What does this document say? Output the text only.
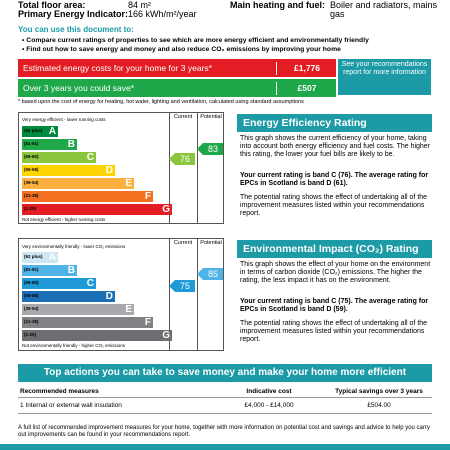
Total floor area:	84 m²
Primary Energy Indicator: 166 kWh/m²/year
Main heating and fuel: Boiler and radiators, mains
gas
You can use this document to:
• Compare current ratings of properties to see which are more energy efficient and environmentally friendly
• Find out how to save energy and money and also reduce CO₂ emissions by improving your home
Estimated energy costs for your home for 3 years*	£1,776
Over 3 years you could save*	£507
See your recommendations report for more information
* based upon the cost of energy for heating, hot water, lighting and ventilation, calculated using standard assumptions
Current	Potential
Very energy efficient - lower running costs
(92 plus) A
(81-91)	B
(69-80)	C
(55-68)	D
(39-54)	E
(21-38)	F
(1-20)	G
Not energy efficient - higher running costs
76
83
Energy Efficiency Rating
This graph shows the current efficiency of your home, taking into account both energy efficiency and fuel costs. The higher this rating, the lower your fuel bills are likely to be.
Your current rating is band C (76). The average rating for EPCs in Scotland is band D (61).
The potential rating shows the effect of undertaking all of the improvement measures listed within your recommendations report.
Current	Potential
Very environmentally friendly - lower CO₂ emissions
(92 plus) A
(81-91)	B
(69-80)	C
(55-68)	D
(39-54)	E
(21-38)	F
(1-20)	G
Not environmentally friendly - higher CO₂ emissions
75
85
Environmental Impact (CO₂) Rating
This graph shows the effect of your home on the environment in terms of carbon dioxide (CO₂) emissions. The higher the rating, the less impact it has on the environment.
Your current rating is band C (75). The average rating for EPCs in Scotland is band D (59).
The potential rating shows the effect of undertaking all of the improvement measures listed within your recommendations report.
Top actions you can take to save money and make your home more efficient
Recommended measures	Indicative cost	Typical savings over 3 years
1 Internal or external wall insulation	£4,000 - £14,000	£504.00
A full list of recommended improvement measures for your home, together with more information on potential cost and savings and advice to help you carry out improvements can be found in your recommendations report.
